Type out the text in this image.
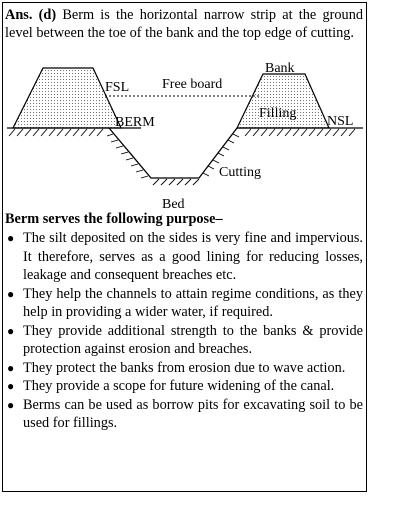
Ans. (d) Berm is the horizontal narrow strip at the ground level between the toe of the bank and the top edge of cutting.
Bank
FSL Free board
Filling
NSL
BERM
Cutting
Bed
Berm serves the following purpose–
● The silt deposited on the sides is very fine and impervious. It therefore, serves as a good lining for reducing losses, leakage and consequent breaches etc.
● They help the channels to attain regime conditions, as they help in providing a wider water, if required.
● They provide additional strength to the banks & provide protection against erosion and breaches.
● They protect the banks from erosion due to wave action.
● They provide a scope for future widening of the canal.
● Berms can be used as borrow pits for excavating soil to be used for fillings.
